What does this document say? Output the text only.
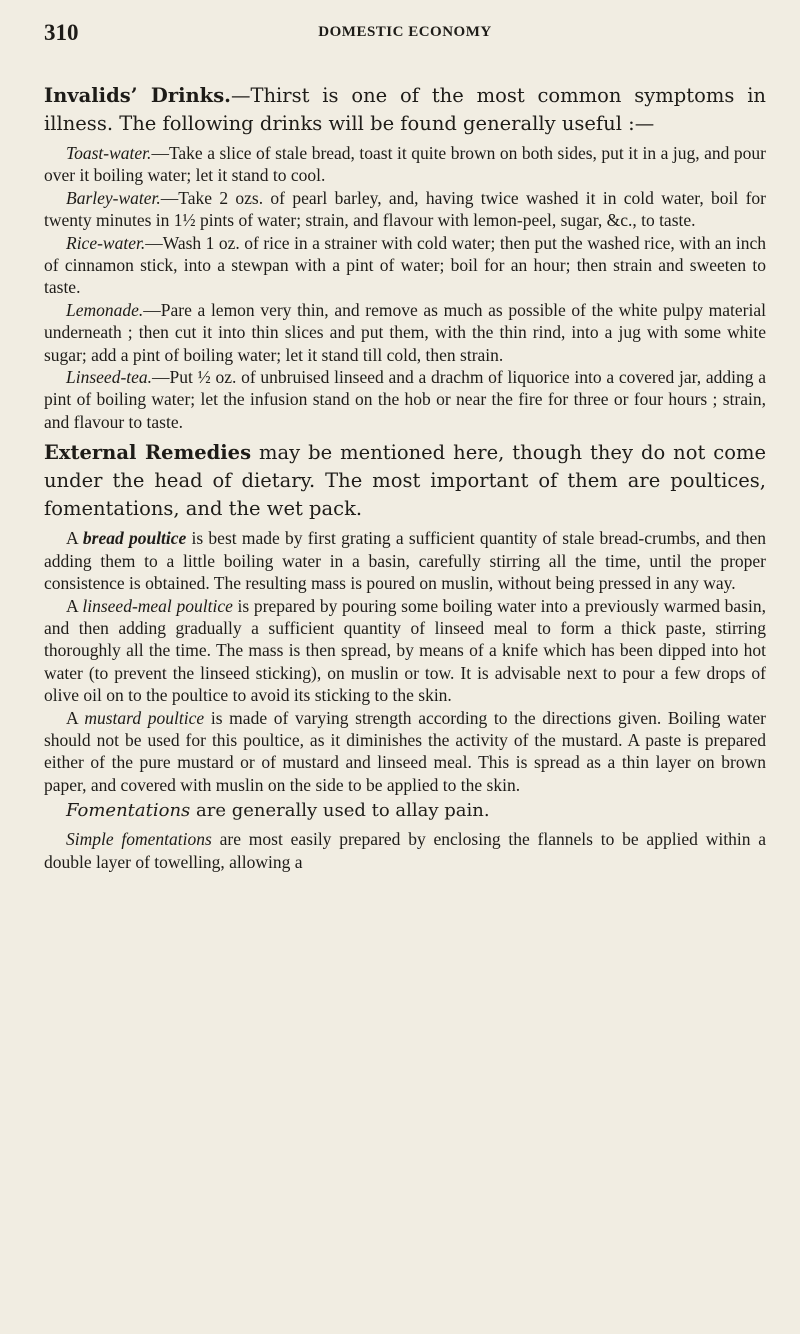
310	DOMESTIC ECONOMY

Invalids’ Drinks.—Thirst is one of the most common symptoms in illness. The following drinks will be found generally useful :—

Toast-water.—Take a slice of stale bread, toast it quite brown on both sides, put it in a jug, and pour over it boiling water; let it stand to cool.

Barley-water.—Take 2 ozs. of pearl barley, and, having twice washed it in cold water, boil for twenty minutes in 1½ pints of water; strain, and flavour with lemon-peel, sugar, &c., to taste.

Rice-water.—Wash 1 oz. of rice in a strainer with cold water; then put the washed rice, with an inch of cinnamon stick, into a stewpan with a pint of water; boil for an hour; then strain and sweeten to taste.

Lemonade.—Pare a lemon very thin, and remove as much as possible of the white pulpy material underneath ; then cut it into thin slices and put them, with the thin rind, into a jug with some white sugar; add a pint of boiling water; let it stand till cold, then strain.

Linseed-tea.—Put ½ oz. of unbruised linseed and a drachm of liquorice into a covered jar, adding a pint of boiling water; let the infusion stand on the hob or near the fire for three or four hours ; strain, and flavour to taste.

External Remedies may be mentioned here, though they do not come under the head of dietary. The most important of them are poultices, fomentations, and the wet pack.

A bread poultice is best made by first grating a sufficient quantity of stale bread-crumbs, and then adding them to a little boiling water in a basin, carefully stirring all the time, until the proper consistence is obtained. The resulting mass is poured on muslin, without being pressed in any way.

A linseed-meal poultice is prepared by pouring some boiling water into a previously warmed basin, and then adding gradually a sufficient quantity of linseed meal to form a thick paste, stirring thoroughly all the time. The mass is then spread, by means of a knife which has been dipped into hot water (to prevent the linseed sticking), on muslin or tow. It is advisable next to pour a few drops of olive oil on to the poultice to avoid its sticking to the skin.

A mustard poultice is made of varying strength according to the directions given. Boiling water should not be used for this poultice, as it diminishes the activity of the mustard. A paste is prepared either of the pure mustard or of mustard and linseed meal. This is spread as a thin layer on brown paper, and covered with muslin on the side to be applied to the skin.

Fomentations are generally used to allay pain.

Simple fomentations are most easily prepared by enclosing the flannels to be applied within a double layer of towelling, allowing a
